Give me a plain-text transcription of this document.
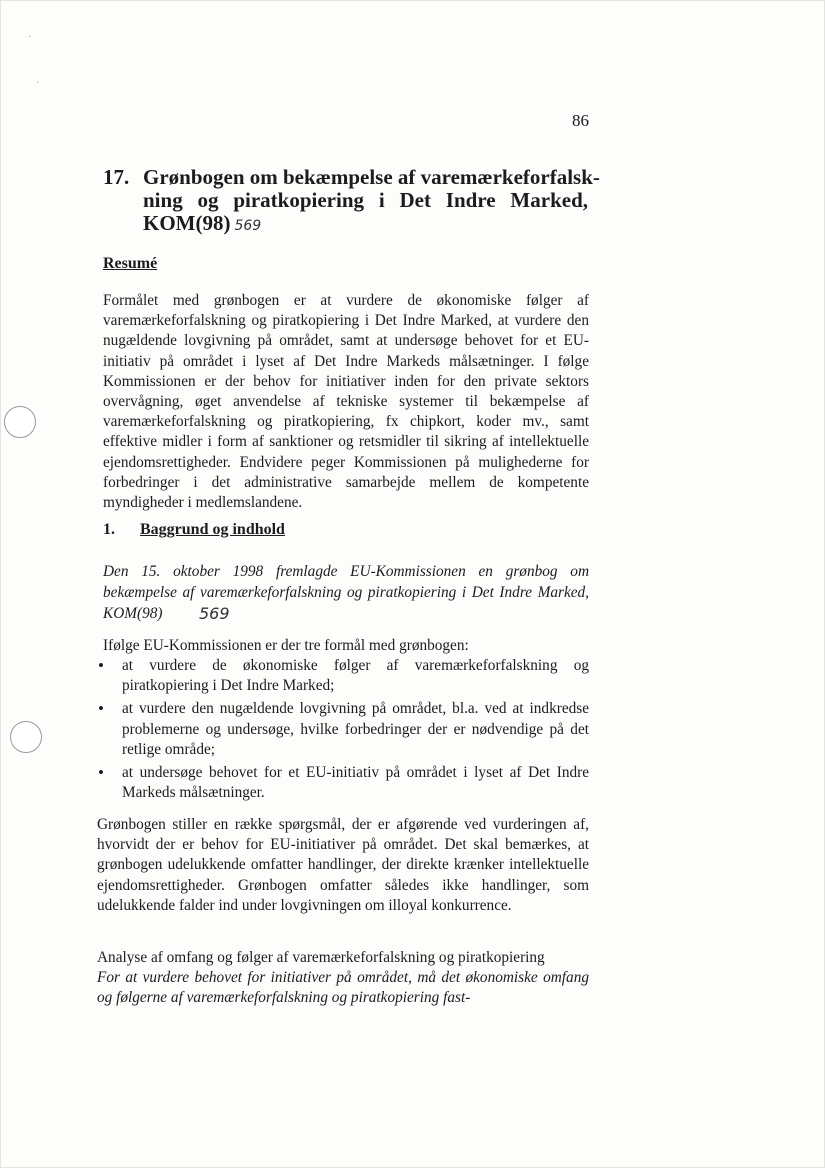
·
·
86
17. Grønbogen om bekæmpelse af varemærkeforfalsk-
ning og piratkopiering i Det Indre Marked,
KOM(98) 569
Resumé

Formålet med grønbogen er at vurdere de økonomiske følger af varemærkeforfalskning og piratkopiering i Det Indre Marked, at vurdere den nugældende lovgivning på området, samt at undersøge behovet for et EU-initiativ på området i lyset af Det Indre Markeds målsætninger. I følge Kommissionen er der behov for initiativer inden for den private sektors overvågning, øget anvendelse af tekniske systemer til bekæmpelse af varemærkeforfalskning og piratkopiering, fx chipkort, koder mv., samt effektive midler i form af sanktioner og retsmidler til sikring af intellektuelle ejendomsrettigheder. Endvidere peger Kommissionen på mulighederne for forbedringer i det administrative samarbejde mellem de kompetente myndigheder i medlemslandene.

1. Baggrund og indhold

Den 15. oktober 1998 fremlagde EU-Kommissionen en grønbog om bekæmpelse af varemærkeforfalskning og piratkopiering i Det Indre Marked, KOM(98)	569

Ifølge EU-Kommissionen er der tre formål med grønbogen:

• at vurdere de økonomiske følger af varemærkeforfalskning og piratkopiering i Det Indre Marked;
• at vurdere den nugældende lovgivning på området, bl.a. ved at indkredse problemerne og undersøge, hvilke forbedringer der er nødvendige på det retlige område;
• at undersøge behovet for et EU-initiativ på området i lyset af Det Indre Markeds målsætninger.

Grønbogen stiller en række spørgsmål, der er afgørende ved vurderingen af, hvorvidt der er behov for EU-initiativer på området. Det skal bemærkes, at grønbogen udelukkende omfatter handlinger, der direkte krænker intellektuelle ejendomsrettigheder. Grønbogen omfatter således ikke handlinger, som udelukkende falder ind under lovgivningen om illoyal konkurrence.

Analyse af omfang og følger af varemærkeforfalskning og piratkopiering

For at vurdere behovet for initiativer på området, må det økonomiske omfang og følgerne af varemærkeforfalskning og piratkopiering fast-
